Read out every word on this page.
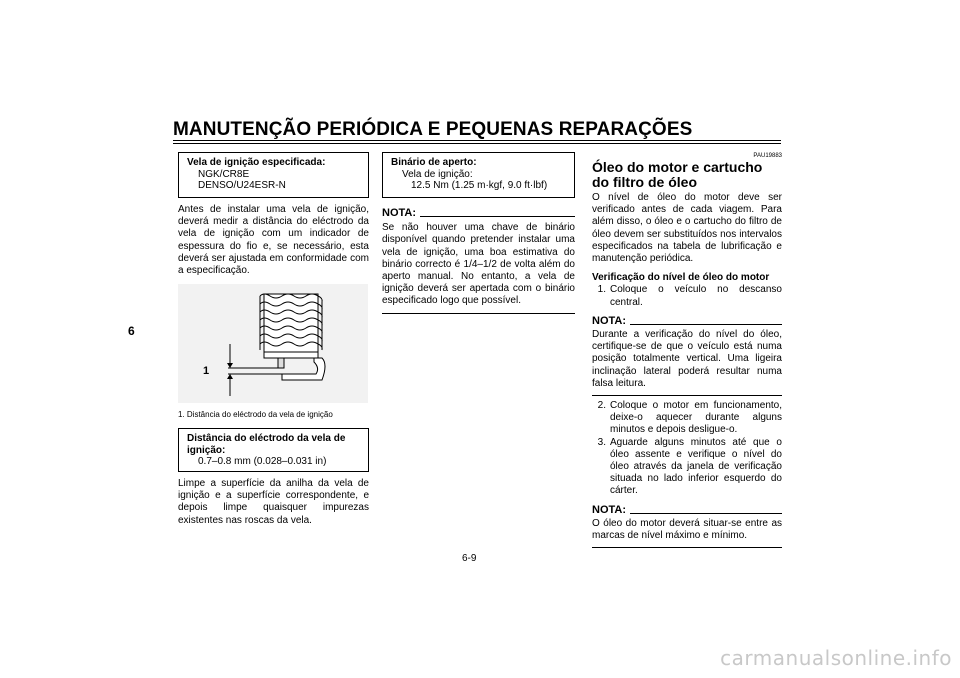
MANUTENÇÃO PERIÓDICA E PEQUENAS REPARAÇÕES
6
Vela de ignição especificada:
NGK/CR8E
DENSO/U24ESR-N
Antes de instalar uma vela de ignição, deverá medir a distância do eléctrodo da vela de ignição com um indicador de espessura do fio e, se necessário, esta deverá ser ajustada em conformidade com a especificação.
1
1. Distância do eléctrodo da vela de ignição
Distância do eléctrodo da vela de ignição:
0.7–0.8 mm (0.028–0.031 in)
Limpe a superfície da anilha da vela de ignição e a superfície correspondente, e depois limpe quaisquer impurezas existentes nas roscas da vela.
Binário de aperto:
Vela de ignição:
12.5 Nm (1.25 m·kgf, 9.0 ft·lbf)
NOTA:
Se não houver uma chave de binário disponível quando pretender instalar uma vela de ignição, uma boa estimativa do binário correcto é 1/4–1/2 de volta além do aperto manual. No entanto, a vela de ignição deverá ser apertada com o binário especificado logo que possível.
PAU19883
Óleo do motor e cartucho do filtro de óleo
O nível de óleo do motor deve ser verificado antes de cada viagem. Para além disso, o óleo e o cartucho do filtro de óleo devem ser substituídos nos intervalos especificados na tabela de lubrificação e manutenção periódica.
Verificação do nível de óleo do motor
1. Coloque o veículo no descanso central.
NOTA:
Durante a verificação do nível do óleo, certifique-se de que o veículo está numa posição totalmente vertical. Uma ligeira inclinação lateral poderá resultar numa falsa leitura.
2. Coloque o motor em funcionamento, deixe-o aquecer durante alguns minutos e depois desligue-o.
3. Aguarde alguns minutos até que o óleo assente e verifique o nível do óleo através da janela de verificação situada no lado inferior esquerdo do cárter.
NOTA:
O óleo do motor deverá situar-se entre as marcas de nível máximo e mínimo.
6-9
carmanualsonline.info
